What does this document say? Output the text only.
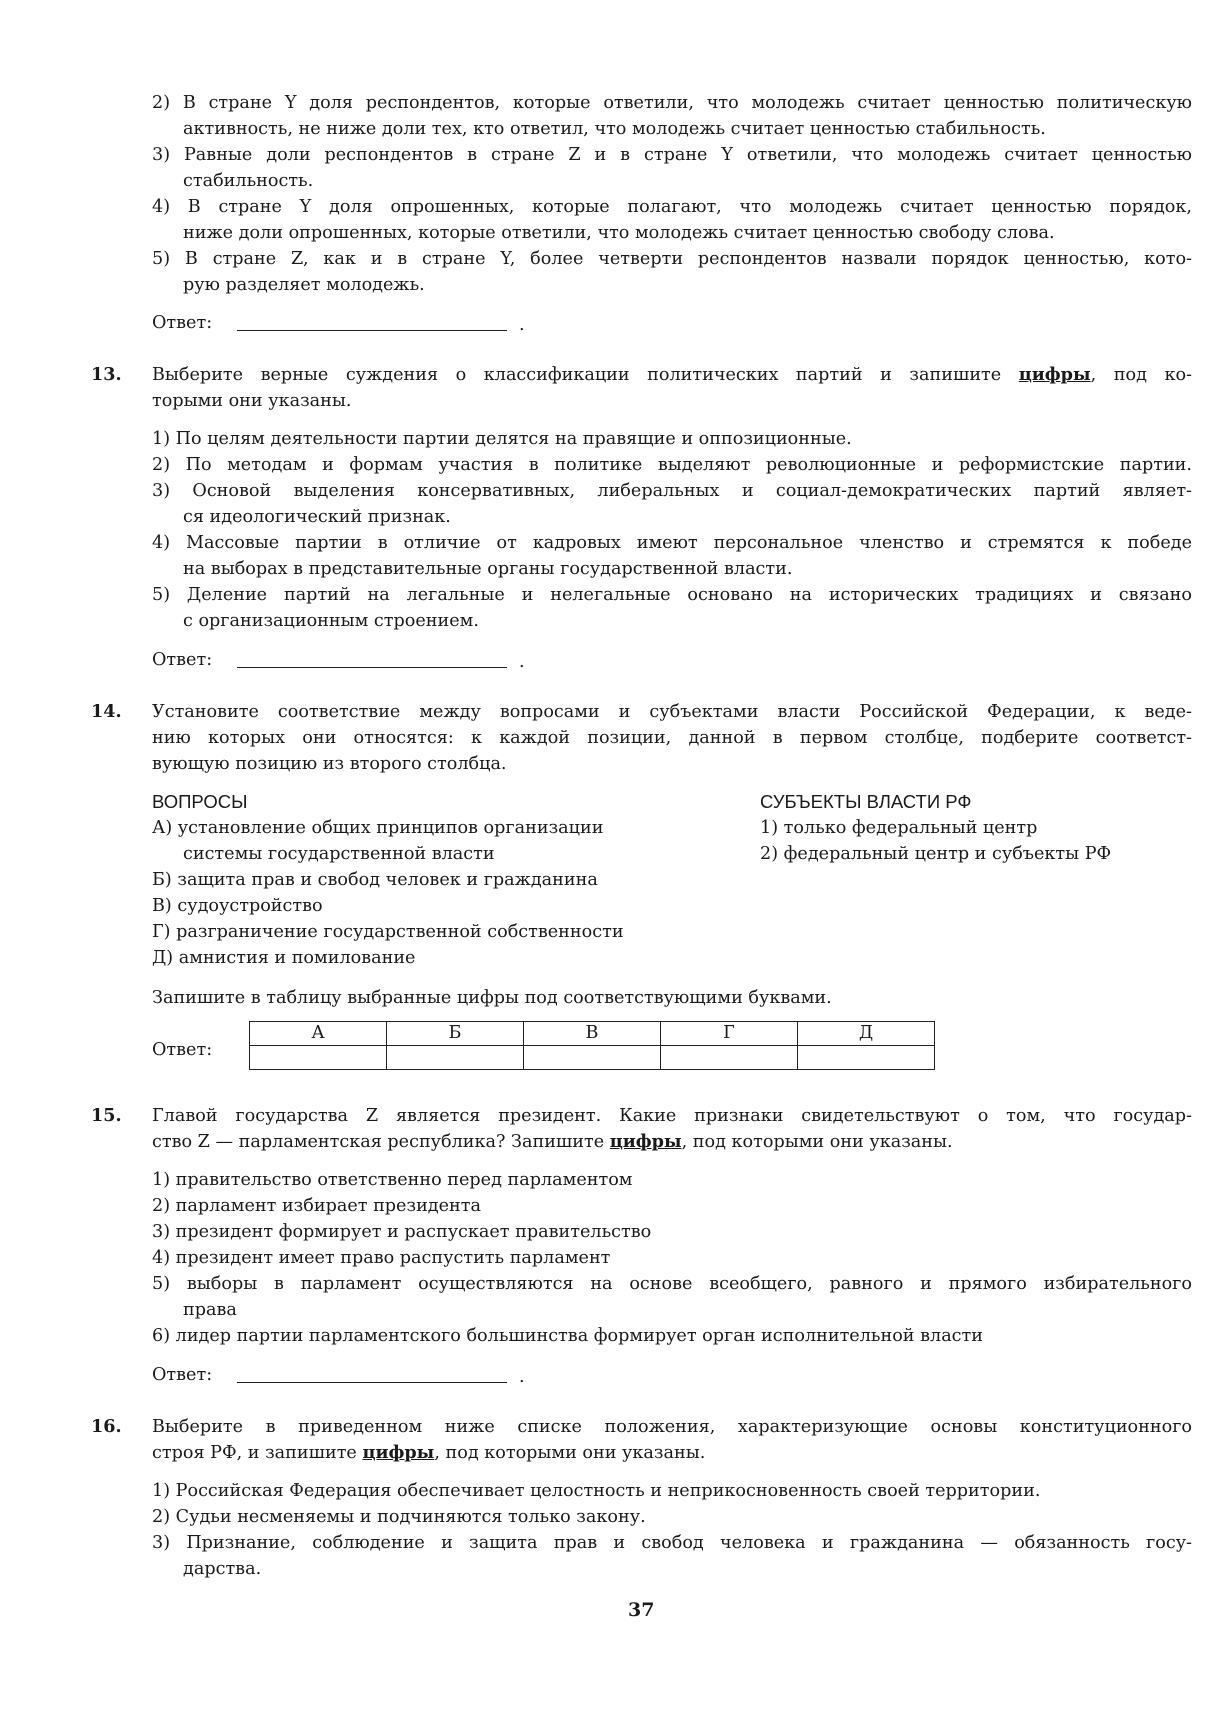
2) В стране Y доля респондентов, которые ответили, что молодежь считает ценностью политическую
активность, не ниже доли тех, кто ответил, что молодежь считает ценностью стабильность.
3) Равные доли респондентов в стране Z и в стране Y ответили, что молодежь считает ценностью
стабильность.
4) В стране Y доля опрошенных, которые полагают, что молодежь считает ценностью порядок,
ниже доли опрошенных, которые ответили, что молодежь считает ценностью свободу слова.
5) В стране Z, как и в стране Y, более четверти респондентов назвали порядок ценностью, кото-
рую разделяет молодежь.
Ответ:	.
13. Выберите верные суждения о классификации политических партий и запишите цифры, под ко-
торыми они указаны.
1) По целям деятельности партии делятся на правящие и оппозиционные.
2) По методам и формам участия в политике выделяют революционные и реформистские партии.
3) Основой выделения консервативных, либеральных и социал-демократических партий являет-
ся идеологический признак.
4) Массовые партии в отличие от кадровых имеют персональное членство и стремятся к победе
на выборах в представительные органы государственной власти.
5) Деление партий на легальные и нелегальные основано на исторических традициях и связано
с организационным строением.
Ответ:	.
14. Установите соответствие между вопросами и субъектами власти Российской Федерации, к веде-
нию которых они относятся: к каждой позиции, данной в первом столбце, подберите соответст-
вующую позицию из второго столбца.
ВОПРОСЫ
А) установление общих принципов организации
системы государственной власти
Б) защита прав и свобод человек и гражданина
В) судоустройство
Г) разграничение государственной собственности
Д) амнистия и помилование
СУБЪЕКТЫ ВЛАСТИ РФ
1) только федеральный центр
2) федеральный центр и субъекты РФ
Запишите в таблицу выбранные цифры под соответствующими буквами.
Ответ:
А	Б	В	Г	Д

15. Главой государства Z является президент. Какие признаки свидетельствуют о том, что государ-
ство Z — парламентская республика? Запишите цифры, под которыми они указаны.
1) правительство ответственно перед парламентом
2) парламент избирает президента
3) президент формирует и распускает правительство
4) президент имеет право распустить парламент
5) выборы в парламент осуществляются на основе всеобщего, равного и прямого избирательного
права
6) лидер партии парламентского большинства формирует орган исполнительной власти
Ответ:	.
16. Выберите в приведенном ниже списке положения, характеризующие основы конституционного
строя РФ, и запишите цифры, под которыми они указаны.
1) Российская Федерация обеспечивает целостность и неприкосновенность своей территории.
2) Судьи несменяемы и подчиняются только закону.
3) Признание, соблюдение и защита прав и свобод человека и гражданина — обязанность госу-
дарства.
37
